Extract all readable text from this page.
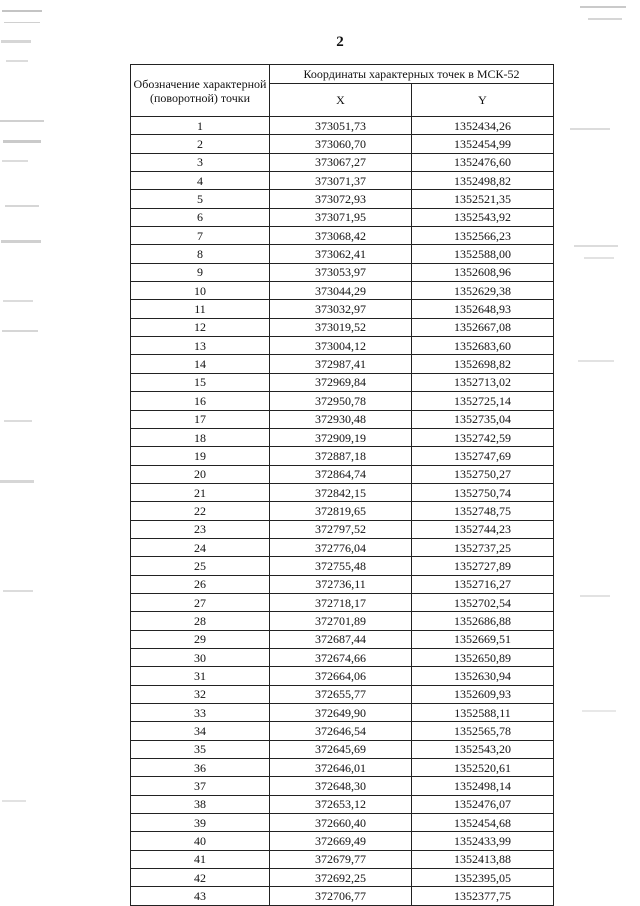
2
Обозначение характерной (поворотной) точки	Координаты характерных точек в МСК-52	
	X	Y
1	373051,73	1352434,26
2	373060,70	1352454,99
3	373067,27	1352476,60
4	373071,37	1352498,82
5	373072,93	1352521,35
6	373071,95	1352543,92
7	373068,42	1352566,23
8	373062,41	1352588,00
9	373053,97	1352608,96
10	373044,29	1352629,38
11	373032,97	1352648,93
12	373019,52	1352667,08
13	373004,12	1352683,60
14	372987,41	1352698,82
15	372969,84	1352713,02
16	372950,78	1352725,14
17	372930,48	1352735,04
18	372909,19	1352742,59
19	372887,18	1352747,69
20	372864,74	1352750,27
21	372842,15	1352750,74
22	372819,65	1352748,75
23	372797,52	1352744,23
24	372776,04	1352737,25
25	372755,48	1352727,89
26	372736,11	1352716,27
27	372718,17	1352702,54
28	372701,89	1352686,88
29	372687,44	1352669,51
30	372674,66	1352650,89
31	372664,06	1352630,94
32	372655,77	1352609,93
33	372649,90	1352588,11
34	372646,54	1352565,78
35	372645,69	1352543,20
36	372646,01	1352520,61
37	372648,30	1352498,14
38	372653,12	1352476,07
39	372660,40	1352454,68
40	372669,49	1352433,99
41	372679,77	1352413,88
42	372692,25	1352395,05
43	372706,77	1352377,75
